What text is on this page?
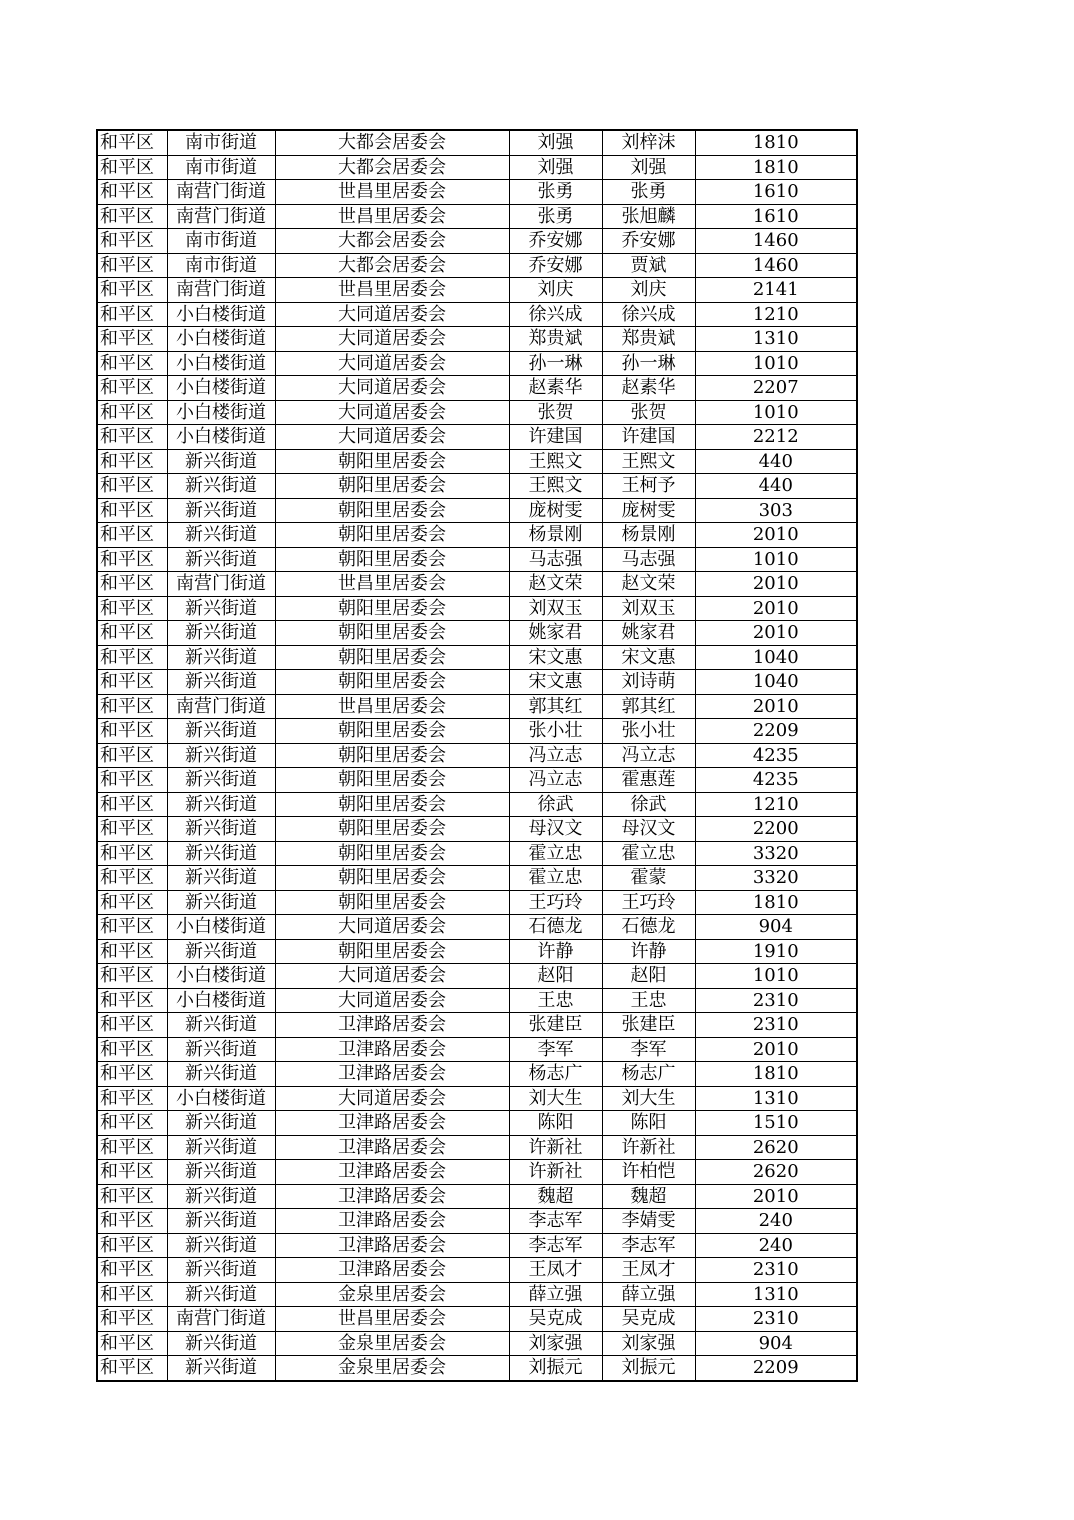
和平区	南市街道	大都会居委会	刘强	刘梓沫	1810
和平区	南市街道	大都会居委会	刘强	刘强	1810
和平区	南营门街道	世昌里居委会	张勇	张勇	1610
和平区	南营门街道	世昌里居委会	张勇	张旭麟	1610
和平区	南市街道	大都会居委会	乔安娜	乔安娜	1460
和平区	南市街道	大都会居委会	乔安娜	贾斌	1460
和平区	南营门街道	世昌里居委会	刘庆	刘庆	2141
和平区	小白楼街道	大同道居委会	徐兴成	徐兴成	1210
和平区	小白楼街道	大同道居委会	郑贵斌	郑贵斌	1310
和平区	小白楼街道	大同道居委会	孙一琳	孙一琳	1010
和平区	小白楼街道	大同道居委会	赵素华	赵素华	2207
和平区	小白楼街道	大同道居委会	张贺	张贺	1010
和平区	小白楼街道	大同道居委会	许建国	许建国	2212
和平区	新兴街道	朝阳里居委会	王熙文	王熙文	440
和平区	新兴街道	朝阳里居委会	王熙文	王柯予	440
和平区	新兴街道	朝阳里居委会	庞树雯	庞树雯	303
和平区	新兴街道	朝阳里居委会	杨景刚	杨景刚	2010
和平区	新兴街道	朝阳里居委会	马志强	马志强	1010
和平区	南营门街道	世昌里居委会	赵文荣	赵文荣	2010
和平区	新兴街道	朝阳里居委会	刘双玉	刘双玉	2010
和平区	新兴街道	朝阳里居委会	姚家君	姚家君	2010
和平区	新兴街道	朝阳里居委会	宋文惠	宋文惠	1040
和平区	新兴街道	朝阳里居委会	宋文惠	刘诗萌	1040
和平区	南营门街道	世昌里居委会	郭其红	郭其红	2010
和平区	新兴街道	朝阳里居委会	张小壮	张小壮	2209
和平区	新兴街道	朝阳里居委会	冯立志	冯立志	4235
和平区	新兴街道	朝阳里居委会	冯立志	霍惠莲	4235
和平区	新兴街道	朝阳里居委会	徐武	徐武	1210
和平区	新兴街道	朝阳里居委会	母汉文	母汉文	2200
和平区	新兴街道	朝阳里居委会	霍立忠	霍立忠	3320
和平区	新兴街道	朝阳里居委会	霍立忠	霍蒙	3320
和平区	新兴街道	朝阳里居委会	王巧玲	王巧玲	1810
和平区	小白楼街道	大同道居委会	石德龙	石德龙	904
和平区	新兴街道	朝阳里居委会	许静	许静	1910
和平区	小白楼街道	大同道居委会	赵阳	赵阳	1010
和平区	小白楼街道	大同道居委会	王忠	王忠	2310
和平区	新兴街道	卫津路居委会	张建臣	张建臣	2310
和平区	新兴街道	卫津路居委会	李军	李军	2010
和平区	新兴街道	卫津路居委会	杨志广	杨志广	1810
和平区	小白楼街道	大同道居委会	刘大生	刘大生	1310
和平区	新兴街道	卫津路居委会	陈阳	陈阳	1510
和平区	新兴街道	卫津路居委会	许新社	许新社	2620
和平区	新兴街道	卫津路居委会	许新社	许柏恺	2620
和平区	新兴街道	卫津路居委会	魏超	魏超	2010
和平区	新兴街道	卫津路居委会	李志军	李婧雯	240
和平区	新兴街道	卫津路居委会	李志军	李志军	240
和平区	新兴街道	卫津路居委会	王凤才	王凤才	2310
和平区	新兴街道	金泉里居委会	薛立强	薛立强	1310
和平区	南营门街道	世昌里居委会	吴克成	吴克成	2310
和平区	新兴街道	金泉里居委会	刘家强	刘家强	904
和平区	新兴街道	金泉里居委会	刘振元	刘振元	2209
